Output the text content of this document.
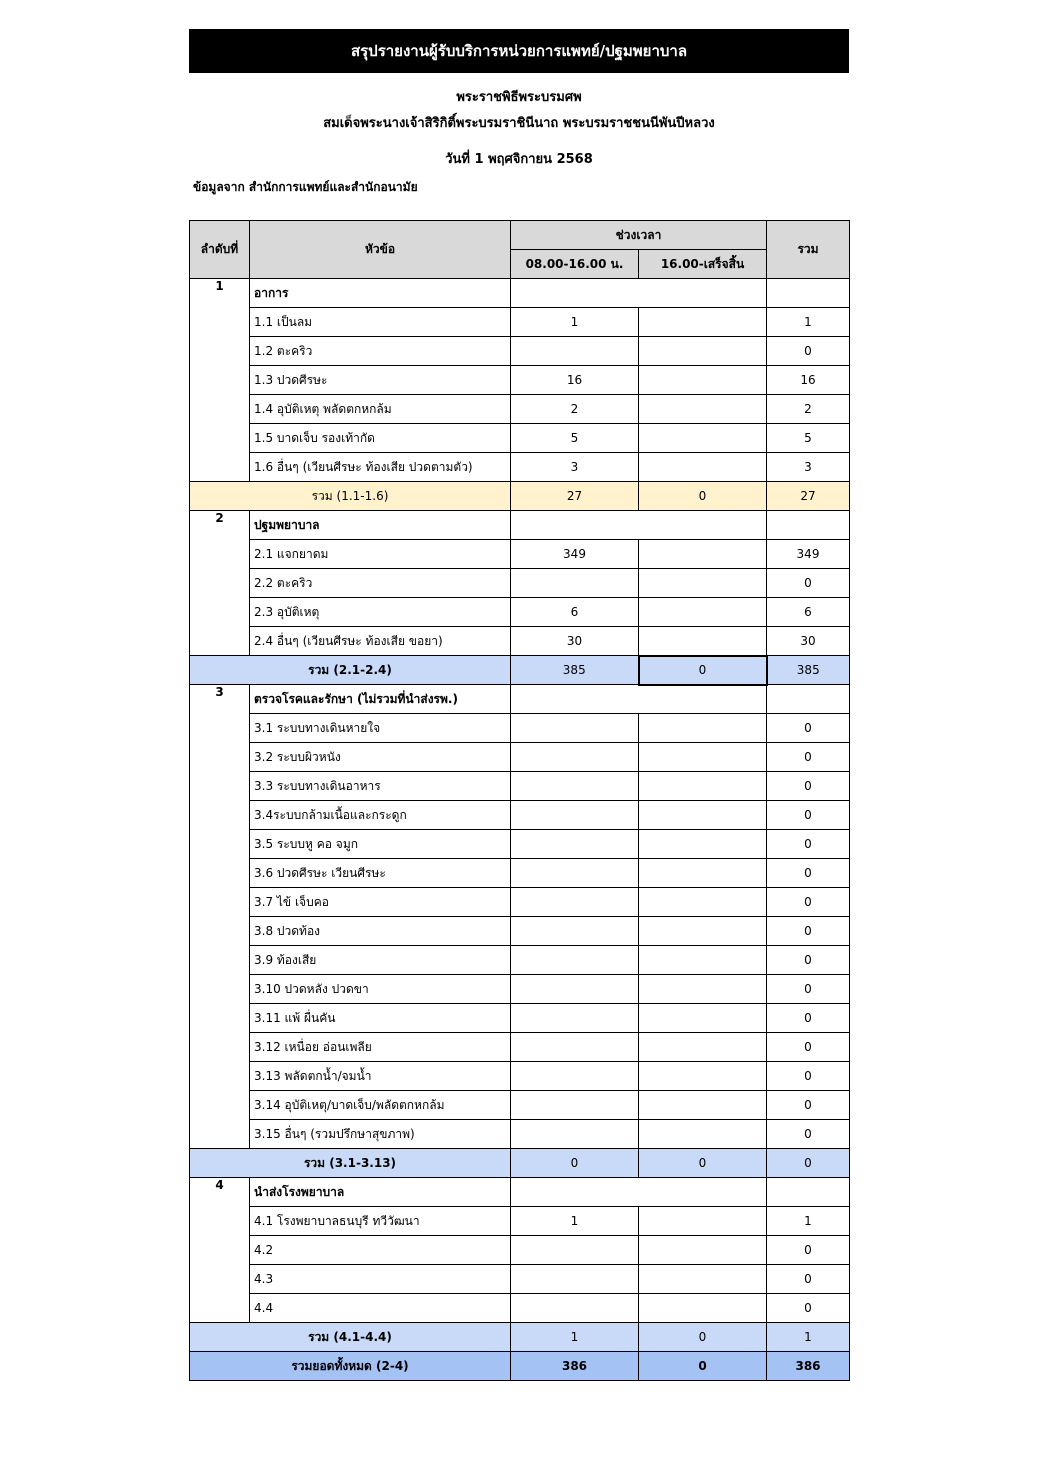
สรุปรายงานผู้รับบริการหน่วยการแพทย์/ปฐมพยาบาล
พระราชพิธีพระบรมศพ
สมเด็จพระนางเจ้าสิริกิติ์พระบรมราชินีนาถ พระบรมราชชนนีพันปีหลวง
วันที่ 1 พฤศจิกายน 2568
ข้อมูลจาก สำนักการแพทย์และสำนักอนามัย
ลำดับที่	หัวข้อ	ช่วงเวลา		รวม
		08.00-16.00 น.	16.00-เสร็จสิ้น	
1	อาการ			
	1.1 เป็นลม	1		1
	1.2 ตะคริว			0
	1.3 ปวดศีรษะ	16		16
	1.4 อุบัติเหตุ พลัดตกหกล้ม	2		2
	1.5 บาดเจ็บ รองเท้ากัด	5		5
	1.6 อื่นๆ (เวียนศีรษะ ท้องเสีย ปวดตามตัว)	3		3
รวม (1.1-1.6)		27	0	27
2	ปฐมพยาบาล			
	2.1 แจกยาดม	349		349
	2.2 ตะคริว			0
	2.3 อุบัติเหตุ	6		6
	2.4 อื่นๆ (เวียนศีรษะ ท้องเสีย ขอยา)	30		30
รวม (2.1-2.4)		385	0	385
3	ตรวจโรคและรักษา (ไม่รวมที่นำส่งรพ.)			
	3.1 ระบบทางเดินหายใจ			0
	3.2 ระบบผิวหนัง			0
	3.3 ระบบทางเดินอาหาร			0
	3.4ระบบกล้ามเนื้อและกระดูก			0
	3.5 ระบบหู คอ จมูก			0
	3.6 ปวดศีรษะ เวียนศีรษะ			0
	3.7 ไข้ เจ็บคอ			0
	3.8 ปวดท้อง			0
	3.9 ท้องเสีย			0
	3.10 ปวดหลัง ปวดขา			0
	3.11 แพ้ ผื่นคัน			0
	3.12 เหนื่อย อ่อนเพลีย			0
	3.13 พลัดตกน้ำ/จมน้ำ			0
	3.14 อุบัติเหตุ/บาดเจ็บ/พลัดตกหกล้ม			0
	3.15 อื่นๆ (รวมปรึกษาสุขภาพ)			0
รวม (3.1-3.13)		0	0	0
4	นำส่งโรงพยาบาล			
	4.1 โรงพยาบาลธนบุรี ทวีวัฒนา	1		1
	4.2			0
	4.3			0
	4.4			0
รวม (4.1-4.4)		1	0	1
รวมยอดทั้งหมด (2-4)		386	0	386
